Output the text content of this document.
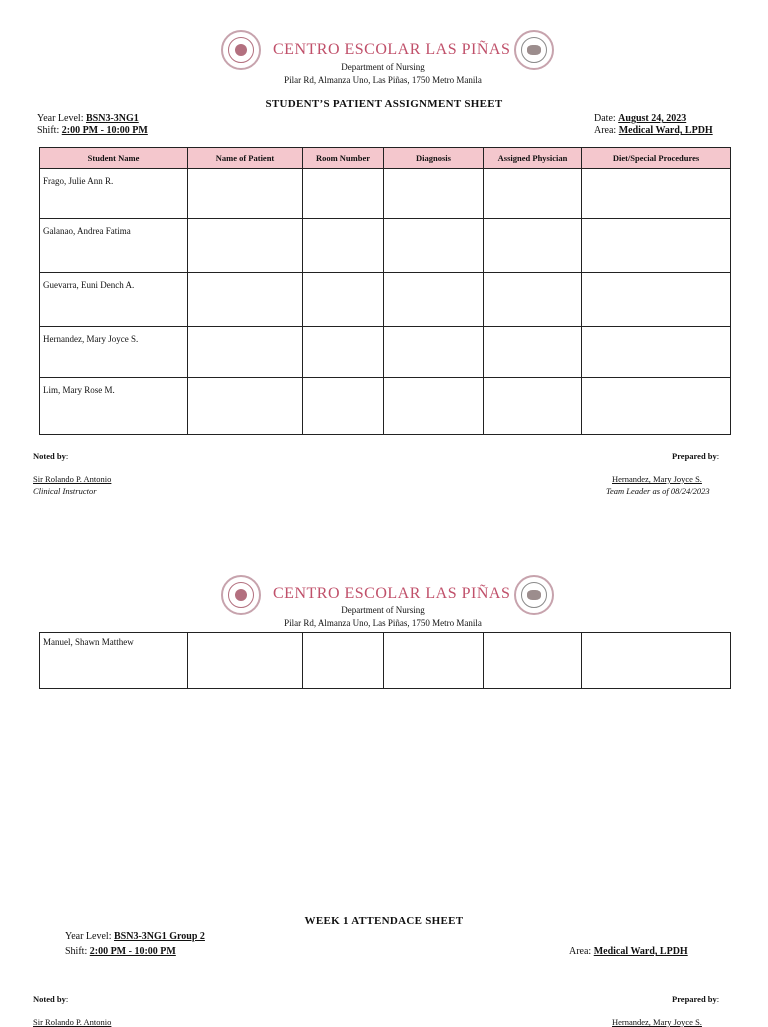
CENTRO ESCOLAR LAS PIÑAS
Department of Nursing
Pilar Rd, Almanza Uno, Las Piñas, 1750 Metro Manila
STUDENT’S PATIENT ASSIGNMENT SHEET
Year Level: BSN3-3NG1
Shift: 2:00 PM - 10:00 PM
Date: August 24, 2023
Area: Medical Ward, LPDH
Student Name	Name of Patient	Room Number	Diagnosis	Assigned Physician	Diet/Special Procedures
Frago, Julie Ann R.					
Galanao, Andrea Fatima					
Guevarra, Euni Dench A.					
Hernandez, Mary Joyce S.					
Lim, Mary Rose M.					
Noted by:	Prepared by:
Sir Rolando P. Antonio
Clinical Instructor
Hernandez, Mary Joyce S.
Team Leader as of 08/24/2023
CENTRO ESCOLAR LAS PIÑAS
Department of Nursing
Pilar Rd, Almanza Uno, Las Piñas, 1750 Metro Manila
Manuel, Shawn Matthew					
WEEK 1 ATTENDACE SHEET
Year Level: BSN3-3NG1 Group 2
Shift: 2:00 PM - 10:00 PM	Area: Medical Ward, LPDH
Noted by:	Prepared by:
Sir Rolando P. Antonio	Hernandez, Mary Joyce S.
